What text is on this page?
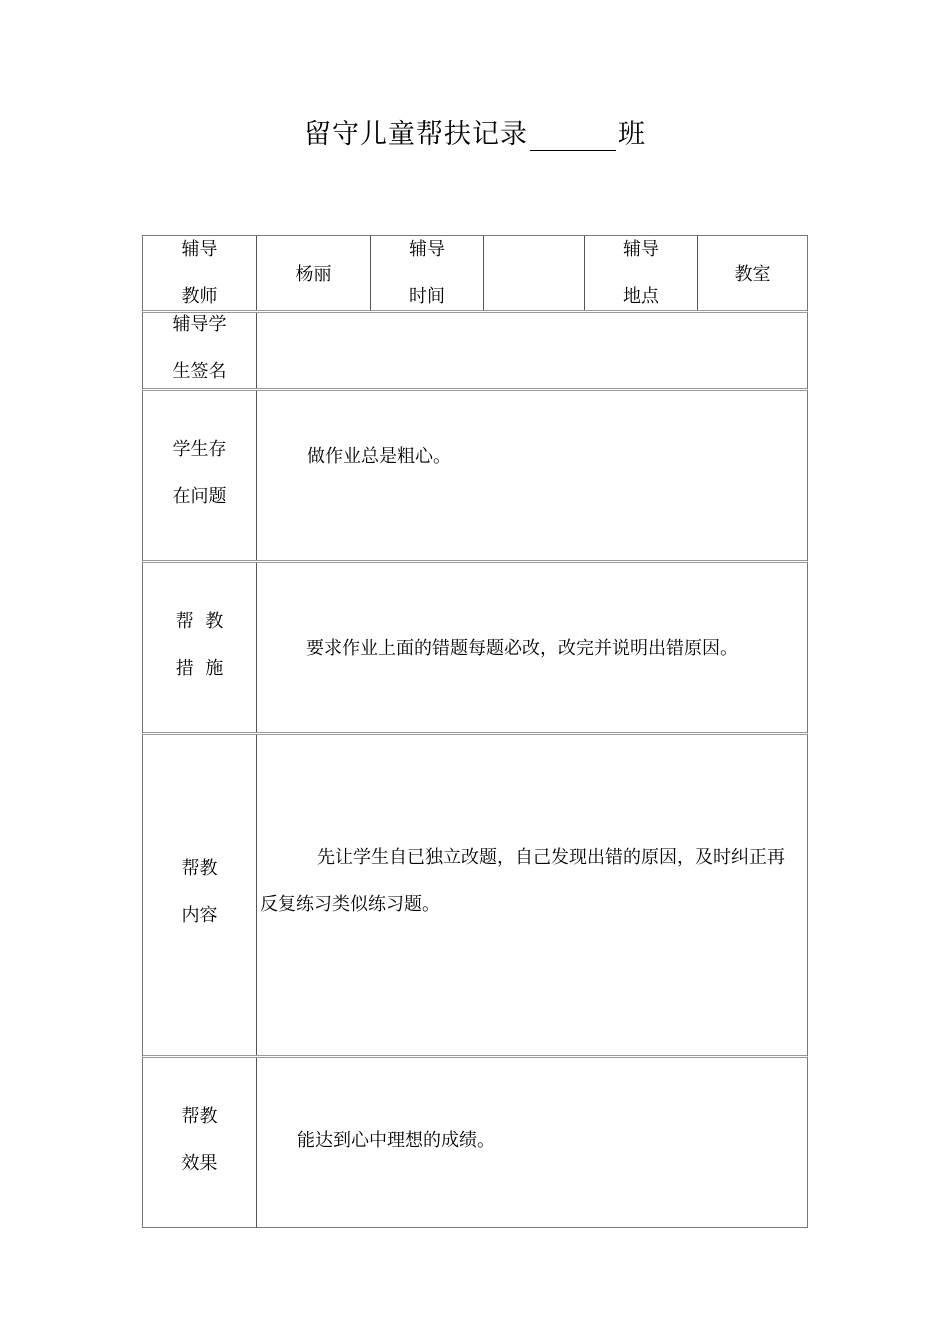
留守儿童帮扶记录	班
辅导
教师
杨丽
辅导
时间
辅导
地点
教室
辅导学
生签名
学生存
在问题
做作业总是粗心。
帮  教
措  施
要求作业上面的错题每题必改，改完并说明出错原因。
帮教
内容
先让学生自已独立改题，自己发现出错的原因，及时纠正再反复练习类似练习题。
帮教
效果
能达到心中理想的成绩。
